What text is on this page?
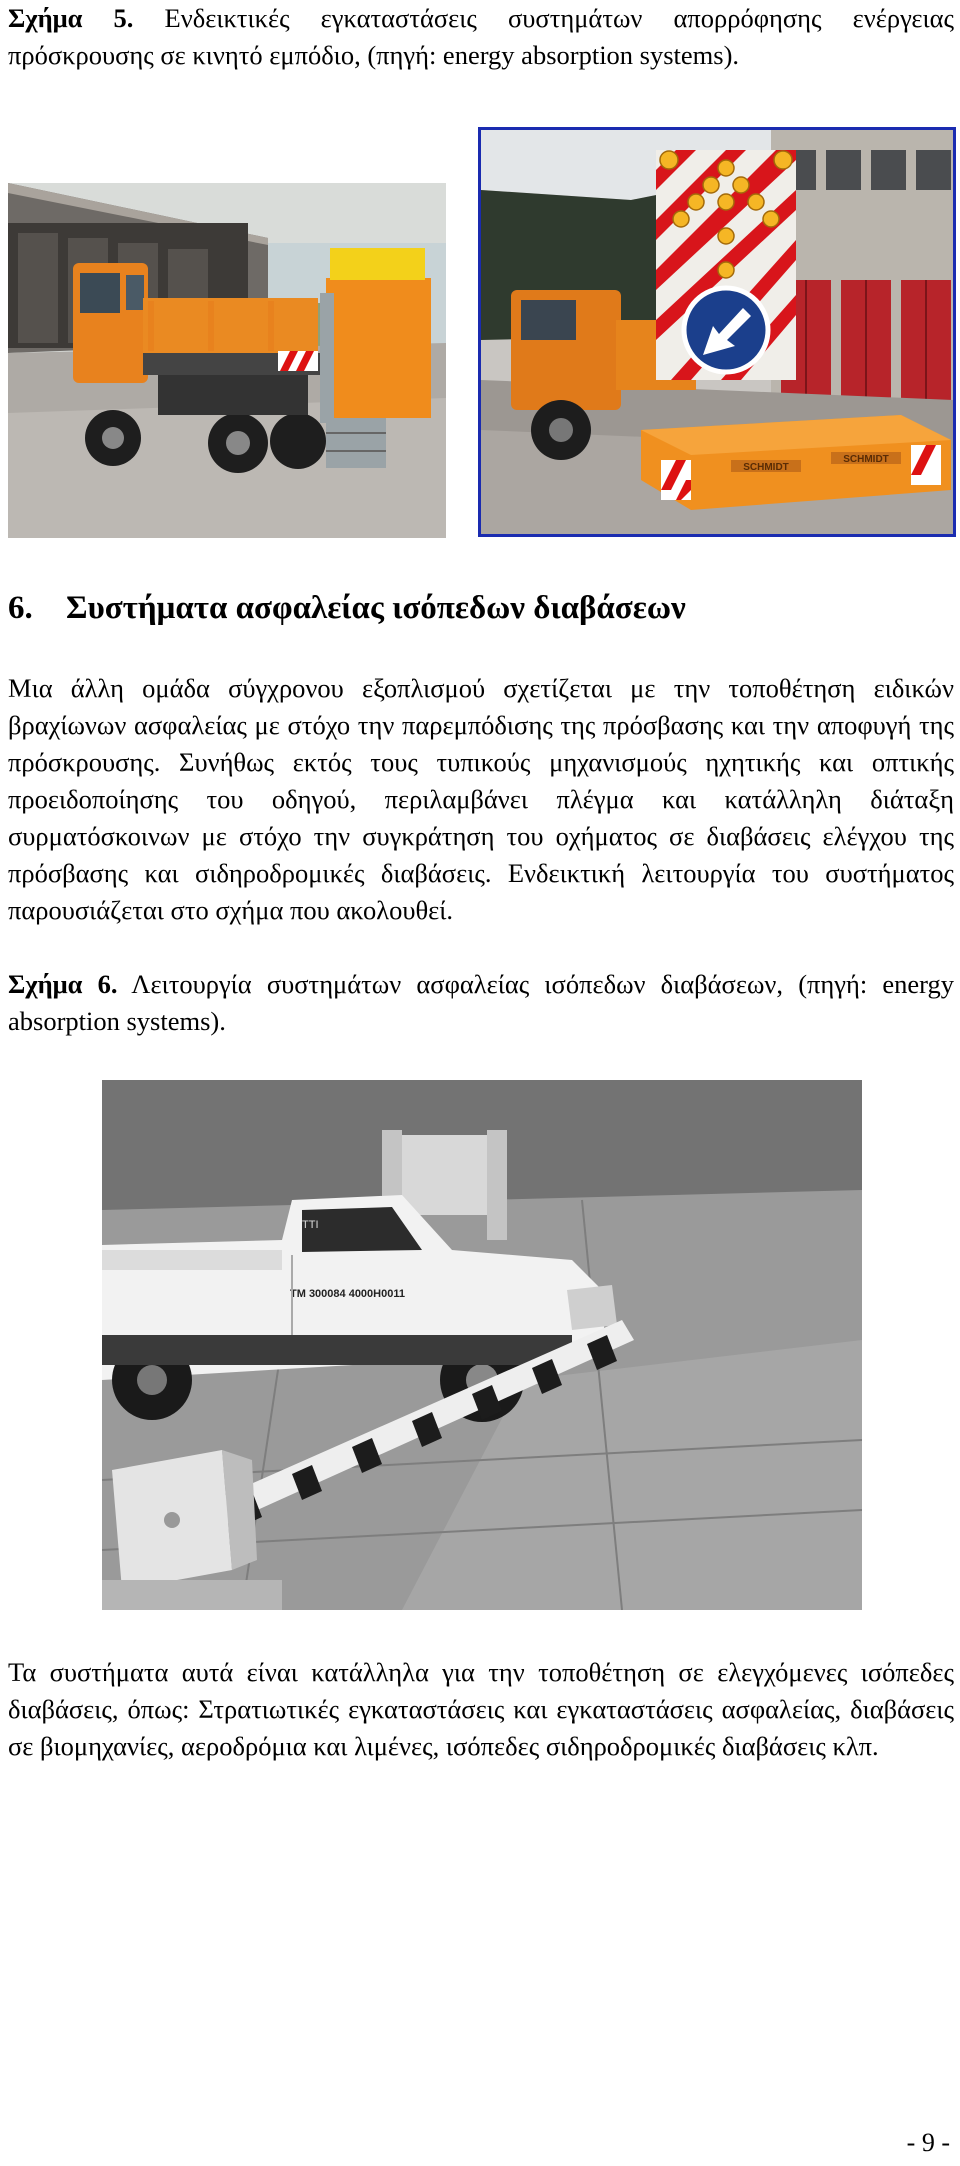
Σχήμα 5. Ενδεικτικές εγκαταστάσεις συστημάτων απορρόφησης ενέργειας πρόσκρουσης σε κινητό εμπόδιο, (πηγή: energy absorption systems).

SCHMIDT
SCHMIDT
6. Συστήματα ασφαλείας ισόπεδων διαβάσεων

Μια άλλη ομάδα σύγχρονου εξοπλισμού σχετίζεται με την τοποθέτηση ειδικών βραχίωνων ασφαλείας με στόχο την παρεμπόδισης της πρόσβασης και την αποφυγή της πρόσκρουσης. Συνήθως εκτός τους τυπικούς μηχανισμούς ηχητικής και οπτικής προειδοποίησης του οδηγού, περιλαμβάνει πλέγμα και κατάλληλη διάταξη συρματόσκοινων με στόχο την συγκράτηση του οχήματος σε διαβάσεις ελέγχου της πρόσβασης και σιδηροδρομικές διαβάσεις. Ενδεικτική λειτουργία του συστήματος παρουσιάζεται στο σχήμα που ακολουθεί.

Σχήμα 6. Λειτουργία συστημάτων ασφαλείας ισόπεδων διαβάσεων, (πηγή: energy absorption systems).

TM 300084 4000H0011
TTI

Τα συστήματα αυτά είναι κατάλληλα για την τοποθέτηση σε ελεγχόμενες ισόπεδες διαβάσεις, όπως: Στρατιωτικές εγκαταστάσεις και εγκαταστάσεις ασφαλείας, διαβάσεις σε βιομηχανίες, αεροδρόμια και λιμένες, ισόπεδες σιδηροδρομικές διαβάσεις κλπ.

- 9 -
